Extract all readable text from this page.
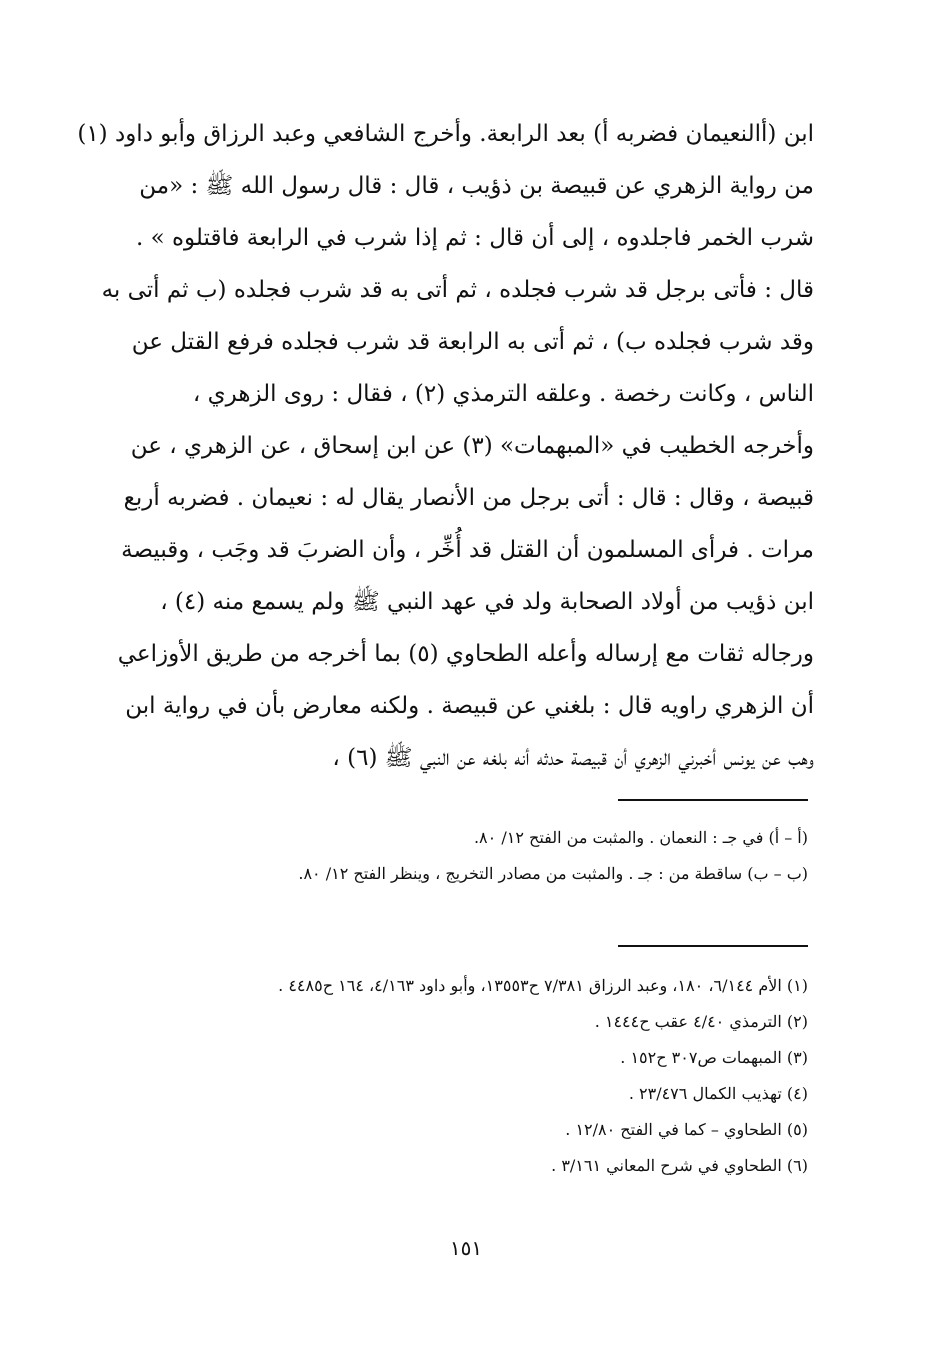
ابن (أالنعيمان فضربه أ) بعد الرابعة. وأخرج الشافعي وعبد الرزاق وأبو داود (١)
من رواية الزهري عن قبيصة بن ذؤيب ، قال : قال رسول الله ﷺ : «من
شرب الخمر فاجلدوه ، إلى أن قال : ثم إذا شرب في الرابعة فاقتلوه » .
قال : فأتى برجل قد شرب فجلده ، ثم أتى به قد شرب فجلده (ب ثم أتى به
وقد شرب فجلده ب) ، ثم أتى به الرابعة قد شرب فجلده فرفع القتل عن
الناس ، وكانت رخصة . وعلقه الترمذي (٢) ، فقال : روى الزهري ،
وأخرجه الخطيب في «المبهمات» (٣) عن ابن إسحاق ، عن الزهري ، عن
قبيصة ، وقال : قال : أتى برجل من الأنصار يقال له : نعيمان . فضربه أربع
مرات . فرأى المسلمون أن القتل قد أُخِّر ، وأن الضربَ قد وجَب ، وقبيصة
ابن ذؤيب من أولاد الصحابة ولد في عهد النبي ﷺ ولم يسمع منه (٤) ،
ورجاله ثقات مع إرساله وأعله الطحاوي (٥) بما أخرجه من طريق الأوزاعي
أن الزهري راويه قال : بلغني عن قبيصة . ولكنه معارض بأن في رواية ابن
وهب عن يونس أخبرني الزهري أن قبيصة حدثه أنه بلغه عن النبي ﷺ (٦) ،
(أ – أ) في جـ : النعمان . والمثبت من الفتح ١٢/ ٨٠.
(ب – ب) ساقطة من : جـ . والمثبت من مصادر التخريج ، وينظر الفتح ١٢/ ٨٠.
(١) الأم ٦/١٤٤، ١٨٠، وعبد الرزاق ٧/٣٨١ ح١٣٥٥٣، وأبو داود ٤/١٦٣، ١٦٤ ح٤٤٨٥ .
(٢) الترمذي ٤/٤٠ عقب ح١٤٤٤ .
(٣) المبهمات ص٣٠٧ ح١٥٢ .
(٤) تهذيب الكمال ٢٣/٤٧٦ .
(٥) الطحاوي – كما في الفتح ١٢/٨٠ .
(٦) الطحاوي في شرح المعاني ٣/١٦١ .
١٥١
